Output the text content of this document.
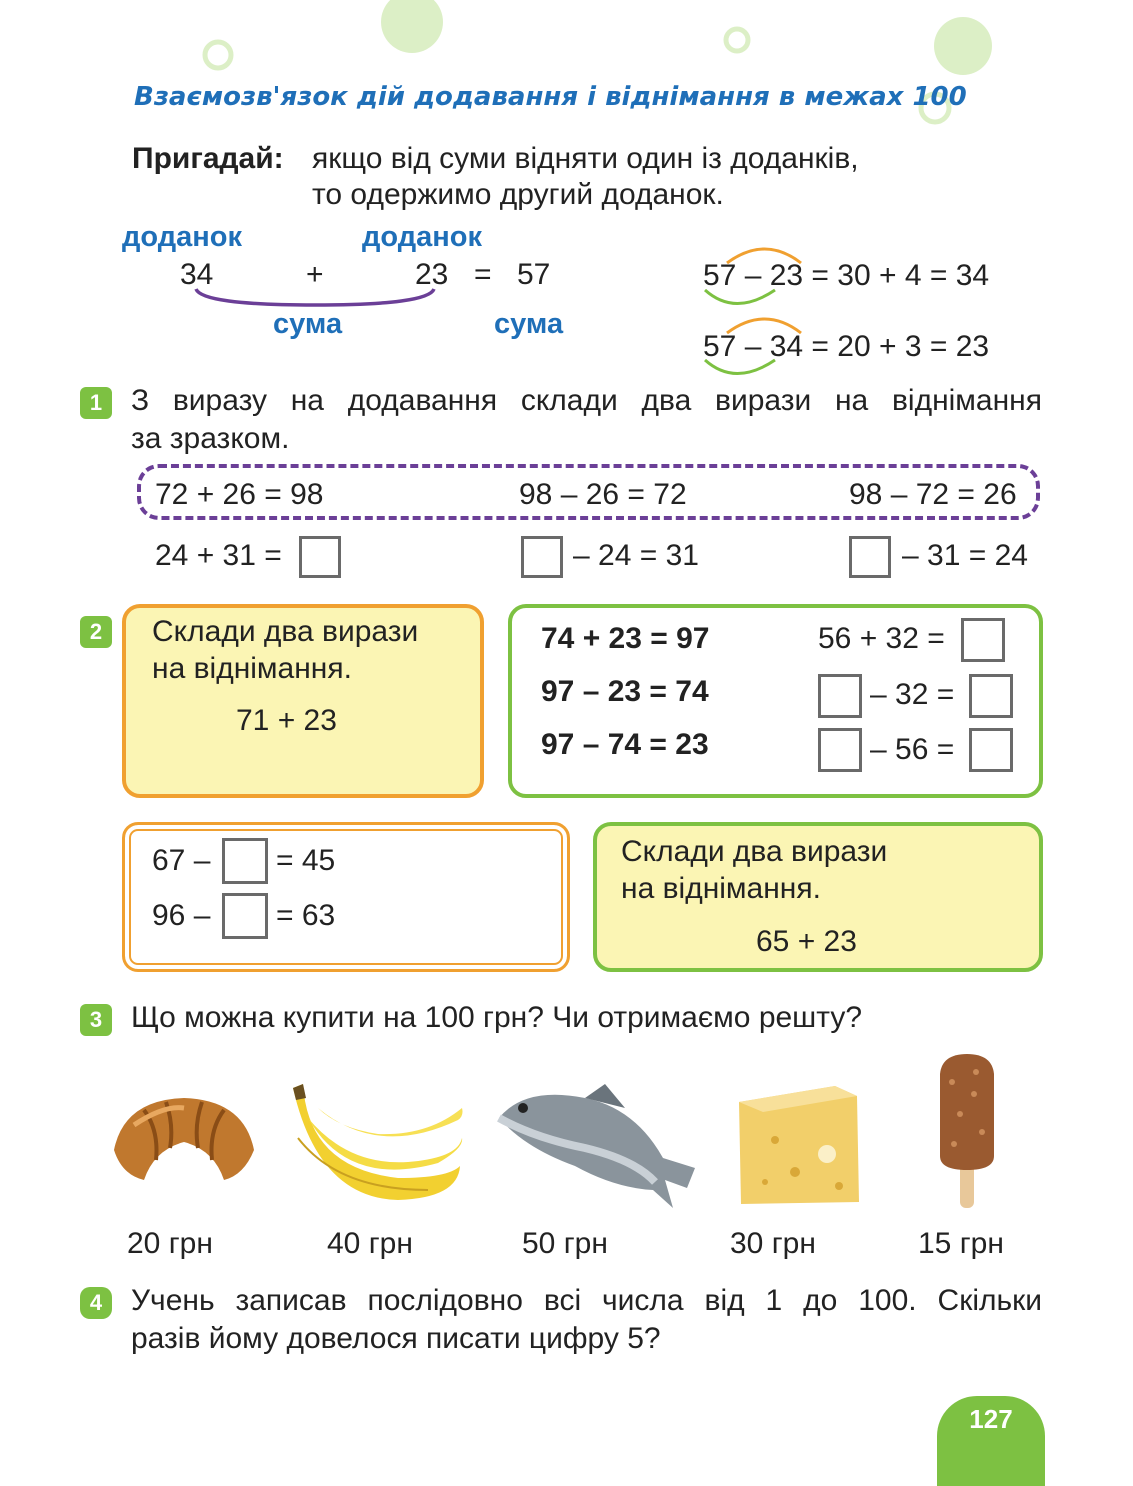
Взаємозв'язок дій додавання і віднімання в межах 100
Пригадай: якщо від суми відняти один із доданків,
то одержимо другий доданок.
доданок	доданок
34	+	23 = 57
сума	сума
57 – 23 = 30 + 4 = 34
57 – 34 = 20 + 3 = 23
1 З виразу на додавання склади два вирази на віднімання
за зразком.
72 + 26 = 98	98 – 26 = 72	98 – 72 = 26
24 + 31 =	– 24 = 31	– 31 = 24
2	Склади два вирази
на віднімання.
71 + 23
74 + 23 = 97
97 – 23 = 74
97 – 74 = 23
56 + 32 =
– 32 =
– 56 =
67 – = 45
96 – = 63
Склади два вирази
на віднімання.
65 + 23
3 Що можна купити на 100 грн? Чи отримаємо решту?
20 грн	40 грн	50 грн	30 грн	15 грн
4 Учень записав послідовно всі числа від 1 до 100. Скільки
разів йому довелося писати цифру 5?
127
